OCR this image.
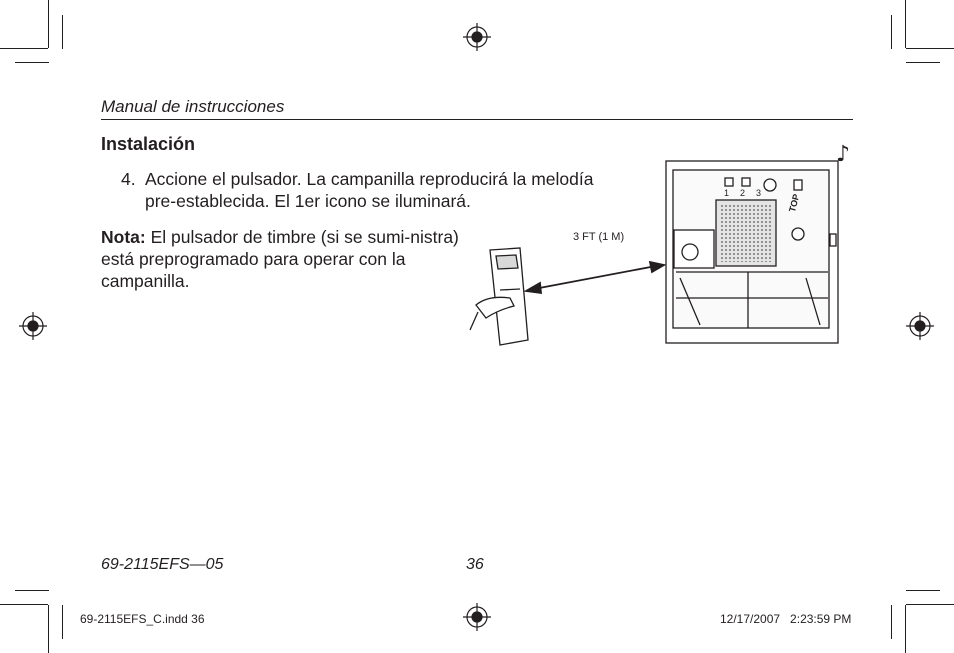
Manual de instrucciones
Instalación
4. Accione el pulsador. La campanilla reproducirá la melodía pre-establecida. El 1er icono se iluminará.
Nota: El pulsador de timbre (si se sumi-nistra) está preprogramado para operar con la campanilla.
3 FT (1 M)
♪
TOP
1 2 3
69-2115EFS—05	36
69-2115EFS_C.indd 36	12/17/2007   2:23:59 PM
